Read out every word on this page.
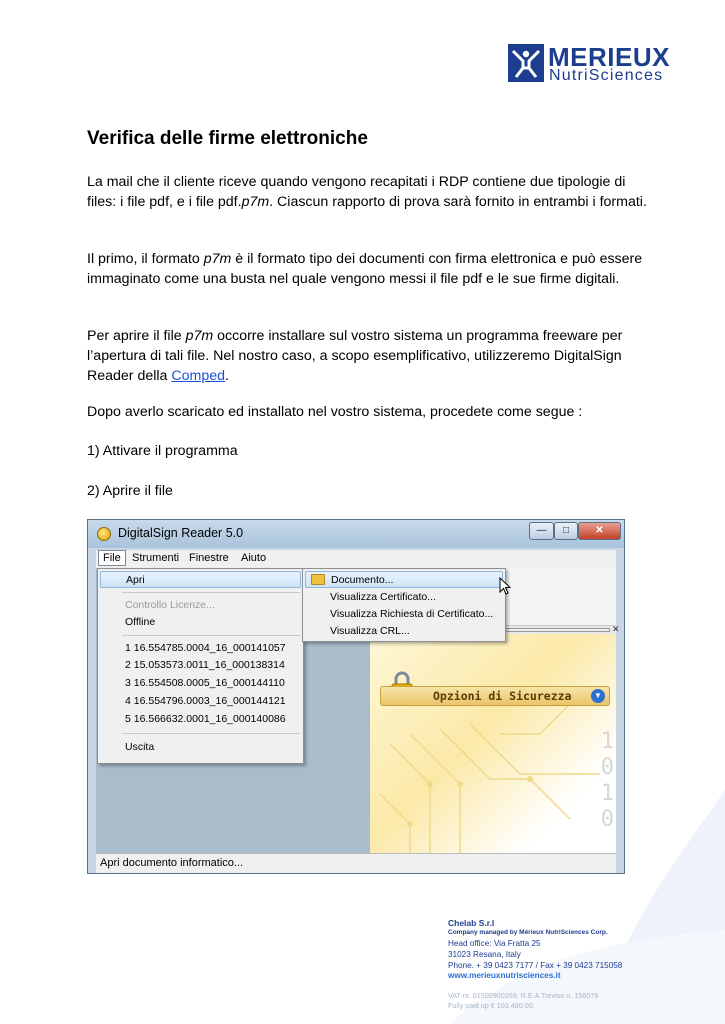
MERIEUX
NutriSciences
Verifica delle firme elettroniche
La mail che il cliente riceve quando vengono recapitati i RDP contiene due tipologie di files: i file pdf, e i file pdf.p7m. Ciascun rapporto di prova sarà fornito in entrambi i formati.
Il primo, il formato p7m è il formato tipo dei documenti con firma elettronica e può essere immaginato come una busta nel quale vengono messi il file pdf e le sue firme digitali.
Per aprire il file p7m occorre installare sul vostro sistema un programma freeware per l’apertura di tali file. Nel nostro caso, a scopo esemplificativo, utilizzeremo DigitalSign Reader della Comped.
Dopo averlo scaricato ed installato nel vostro sistema, procedete come segue :
1) Attivare il programma
2) Aprire il file
DigitalSign Reader 5.0	—	□	✕
File	Strumenti Finestre	Aiuto
✕
1
0
1
0
Opzioni di Sicurezza	▼
Apri documento informatico...
Apri
Controllo Licenze...
Offline
1 16.554785.0004_16_000141057
2 15.053573.0011_16_000138314
3 16.554508.0005_16_000144110
4 16.554796.0003_16_000144121
5 16.566632.0001_16_000140086
Uscita
Documento...
Visualizza Certificato...
Visualizza Richiesta di Certificato...
Visualizza CRL...
Chelab S.r.l
Company managed by Mérieux NutriSciences Corp.
Head office: Via Fratta 25
31023 Resana, Italy
Phone. + 39 0423 7177 / Fax + 39 0423 715058
www.merieuxnutrisciences.it
VAT nr. 01500900269, R.E.A Treviso n. 156079
Fully paid up € 103.480,00.
